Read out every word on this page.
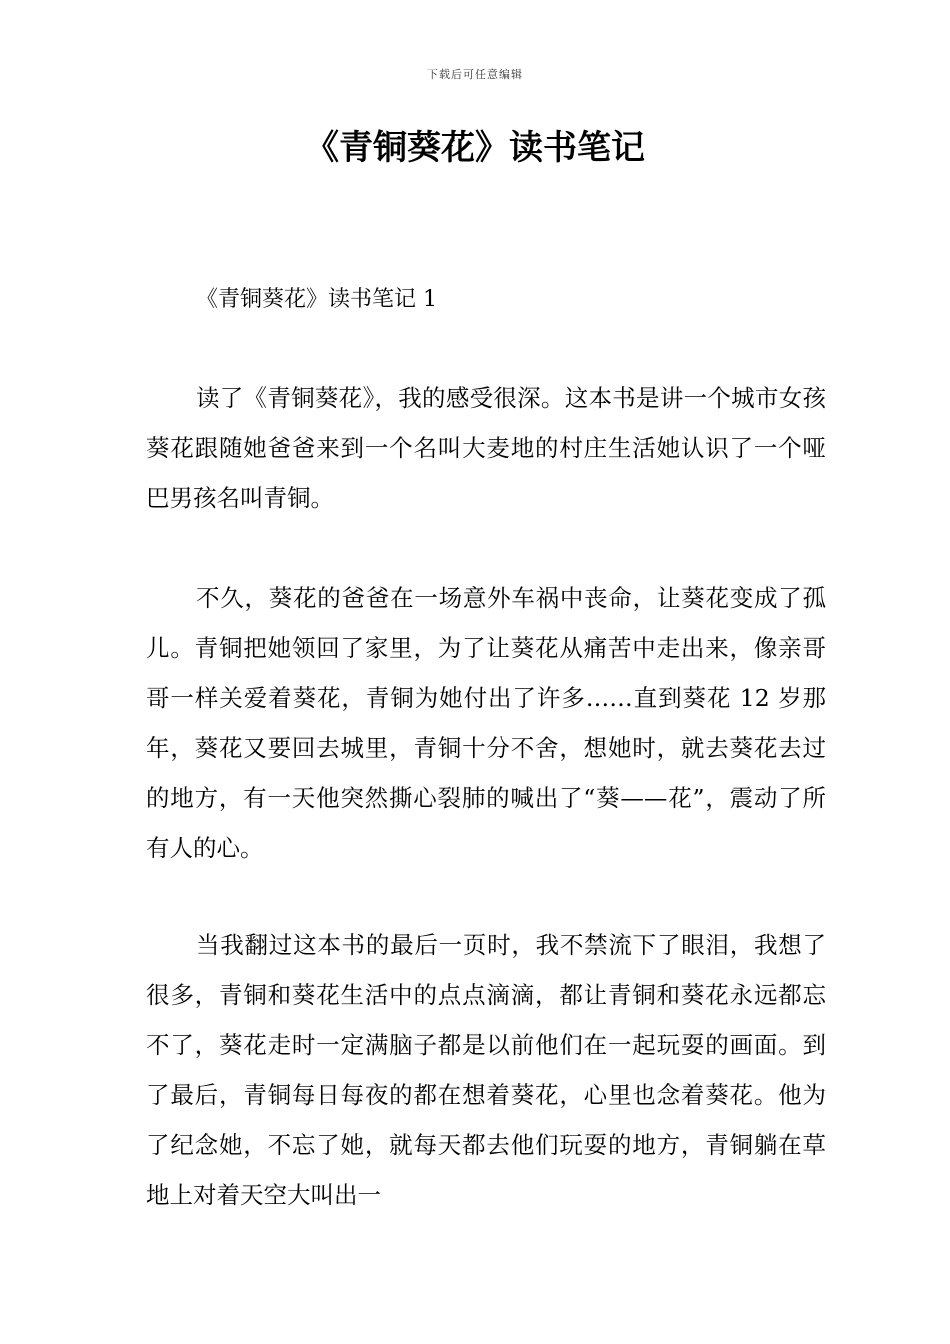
下载后可任意编辑
《青铜葵花》读书笔记
《青铜葵花》读书笔记 1

读了《青铜葵花》，我的感受很深。这本书是讲一个城市女孩葵花跟随她爸爸来到一个名叫大麦地的村庄生活她认识了一个哑巴男孩名叫青铜。

不久，葵花的爸爸在一场意外车祸中丧命，让葵花变成了孤儿。青铜把她领回了家里，为了让葵花从痛苦中走出来，像亲哥哥一样关爱着葵花，青铜为她付出了许多……直到葵花 12 岁那年，葵花又要回去城里，青铜十分不舍，想她时，就去葵花去过的地方，有一天他突然撕心裂肺的喊出了“葵——花”，震动了所有人的心。

当我翻过这本书的最后一页时，我不禁流下了眼泪，我想了很多，青铜和葵花生活中的点点滴滴，都让青铜和葵花永远都忘不了，葵花走时一定满脑子都是以前他们在一起玩耍的画面。到了最后，青铜每日每夜的都在想着葵花，心里也念着葵花。他为了纪念她，不忘了她，就每天都去他们玩耍的地方，青铜躺在草地上对着天空大叫出一
